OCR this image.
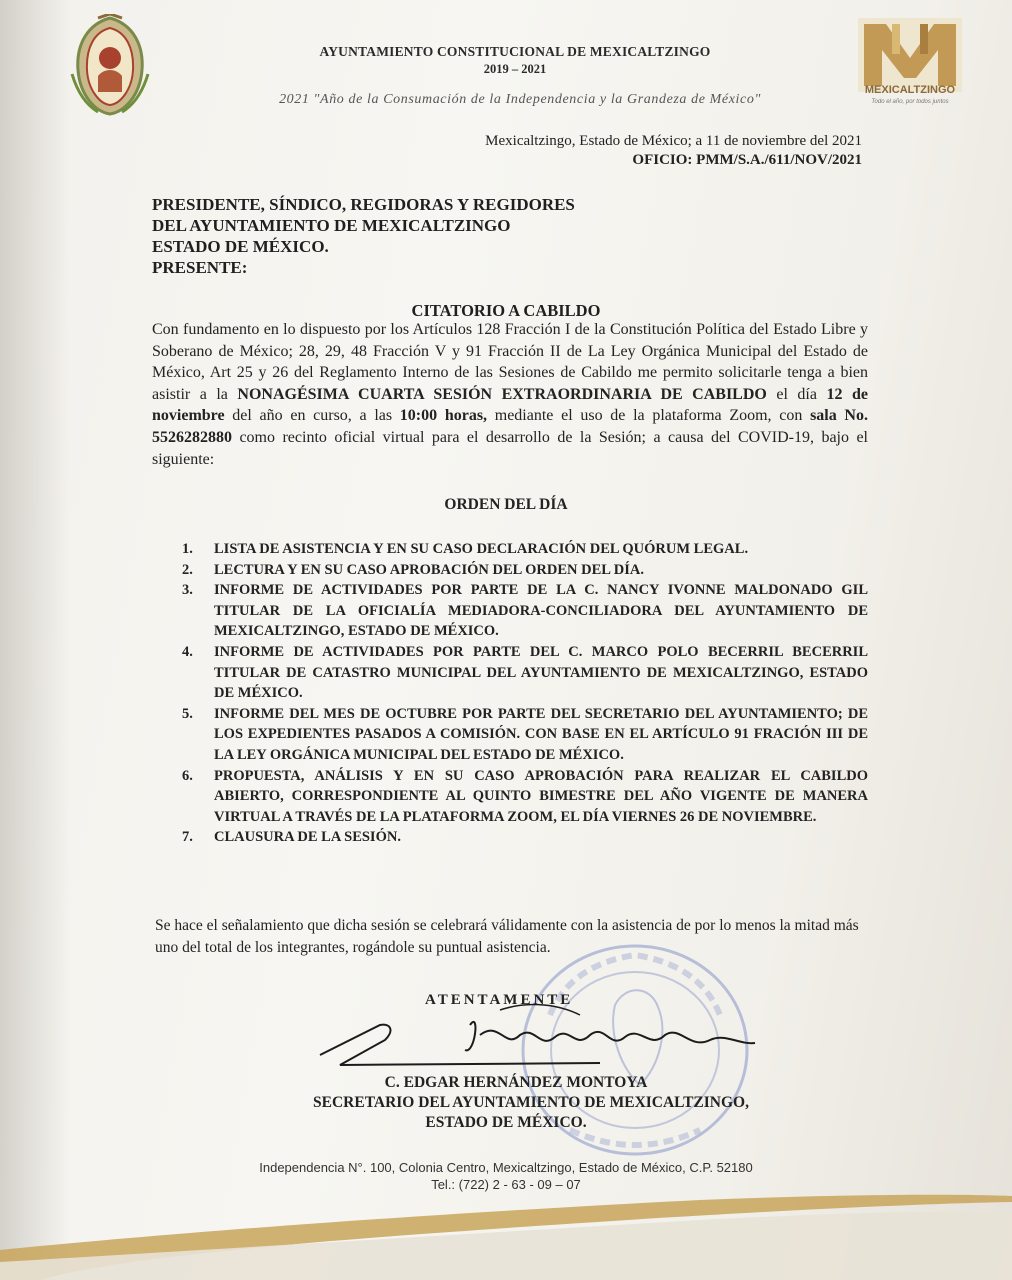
AYUNTAMIENTO CONSTITUCIONAL DE MEXICALTZINGO
2019 – 2021
2021 "Año de la Consumación de la Independencia y la Grandeza de México"
MEXICALTZINGO
Todo el año, por todos juntos
Mexicaltzingo, Estado de México; a 11 de noviembre del 2021
OFICIO: PMM/S.A./611/NOV/2021
PRESIDENTE, SÍNDICO, REGIDORAS Y REGIDORES
DEL AYUNTAMIENTO DE MEXICALTZINGO
ESTADO DE MÉXICO.
PRESENTE:
CITATORIO A CABILDO
Con fundamento en lo dispuesto por los Artículos 128 Fracción I de la Constitución Política del Estado Libre y Soberano de México; 28, 29, 48 Fracción V y 91 Fracción II de La Ley Orgánica Municipal del Estado de México, Art 25 y 26 del Reglamento Interno de las Sesiones de Cabildo me permito solicitarle tenga a bien asistir a la NONAGÉSIMA CUARTA SESIÓN EXTRAORDINARIA DE CABILDO el día 12 de noviembre del año en curso, a las 10:00 horas, mediante el uso de la plataforma Zoom, con sala No. 5526282880 como recinto oficial virtual para el desarrollo de la Sesión; a causa del COVID-19, bajo el siguiente:
ORDEN DEL DÍA
1. LISTA DE ASISTENCIA Y EN SU CASO DECLARACIÓN DEL QUÓRUM LEGAL.
2. LECTURA Y EN SU CASO APROBACIÓN DEL ORDEN DEL DÍA.
3. INFORME DE ACTIVIDADES POR PARTE DE LA C. NANCY IVONNE MALDONADO GIL TITULAR DE LA OFICIALÍA MEDIADORA-CONCILIADORA DEL AYUNTAMIENTO DE MEXICALTZINGO, ESTADO DE MÉXICO.
4. INFORME DE ACTIVIDADES POR PARTE DEL C. MARCO POLO BECERRIL BECERRIL TITULAR DE CATASTRO MUNICIPAL DEL AYUNTAMIENTO DE MEXICALTZINGO, ESTADO DE MÉXICO.
5. INFORME DEL MES DE OCTUBRE POR PARTE DEL SECRETARIO DEL AYUNTAMIENTO; DE LOS EXPEDIENTES PASADOS A COMISIÓN. CON BASE EN EL ARTÍCULO 91 FRACIÓN III DE LA LEY ORGÁNICA MUNICIPAL DEL ESTADO DE MÉXICO.
6. PROPUESTA, ANÁLISIS Y EN SU CASO APROBACIÓN PARA REALIZAR EL CABILDO ABIERTO, CORRESPONDIENTE AL QUINTO BIMESTRE DEL AÑO VIGENTE DE MANERA VIRTUAL A TRAVÉS DE LA PLATAFORMA ZOOM, EL DÍA VIERNES 26 DE NOVIEMBRE.
7. CLAUSURA DE LA SESIÓN.
Se hace el señalamiento que dicha sesión se celebrará válidamente con la asistencia de por lo menos la mitad más uno del total de los integrantes, rogándole su puntual asistencia.
ATENTAMENTE
C. EDGAR HERNÁNDEZ MONTOYA
SECRETARIO DEL AYUNTAMIENTO DE MEXICALTZINGO,
ESTADO DE MÉXICO.
Independencia N°. 100, Colonia Centro, Mexicaltzingo, Estado de México, C.P. 52180
Tel.: (722) 2 - 63 - 09 – 07
